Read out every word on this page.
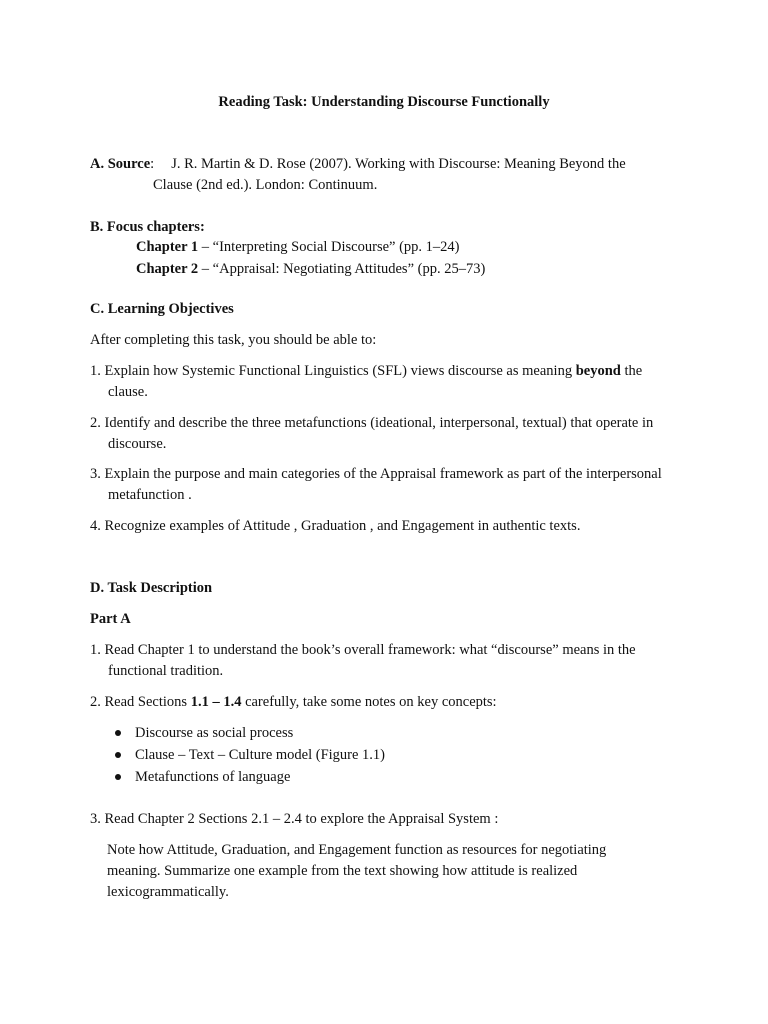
Reading Task: Understanding Discourse Functionally
A. Source: J. R. Martin & D. Rose (2007). Working with Discourse: Meaning Beyond the
Clause (2nd ed.). London: Continuum.
B. Focus chapters:
Chapter 1 – “Interpreting Social Discourse” (pp. 1–24)
Chapter 2 – “Appraisal: Negotiating Attitudes” (pp. 25–73)
C. Learning Objectives
After completing this task, you should be able to:

1. Explain how Systemic Functional Linguistics (SFL) views discourse as meaning beyond the clause.

2. Identify and describe the three metafunctions (ideational, interpersonal, textual) that operate in discourse.

3. Explain the purpose and main categories of the Appraisal framework as part of the interpersonal metafunction .

4. Recognize examples of Attitude , Graduation , and Engagement in authentic texts.

D. Task Description
Part A

1. Read Chapter 1 to understand the book’s overall framework: what “discourse” means in the functional tradition.

2. Read Sections 1.1 – 1.4 carefully, take some notes on key concepts:

Discourse as social process
Clause – Text – Culture model (Figure 1.1)
Metafunctions of language
3. Read Chapter 2 Sections 2.1 – 2.4 to explore the Appraisal System :
Note how Attitude, Graduation, and Engagement function as resources for negotiating meaning. Summarize one example from the text showing how attitude is realized lexicogrammatically.
